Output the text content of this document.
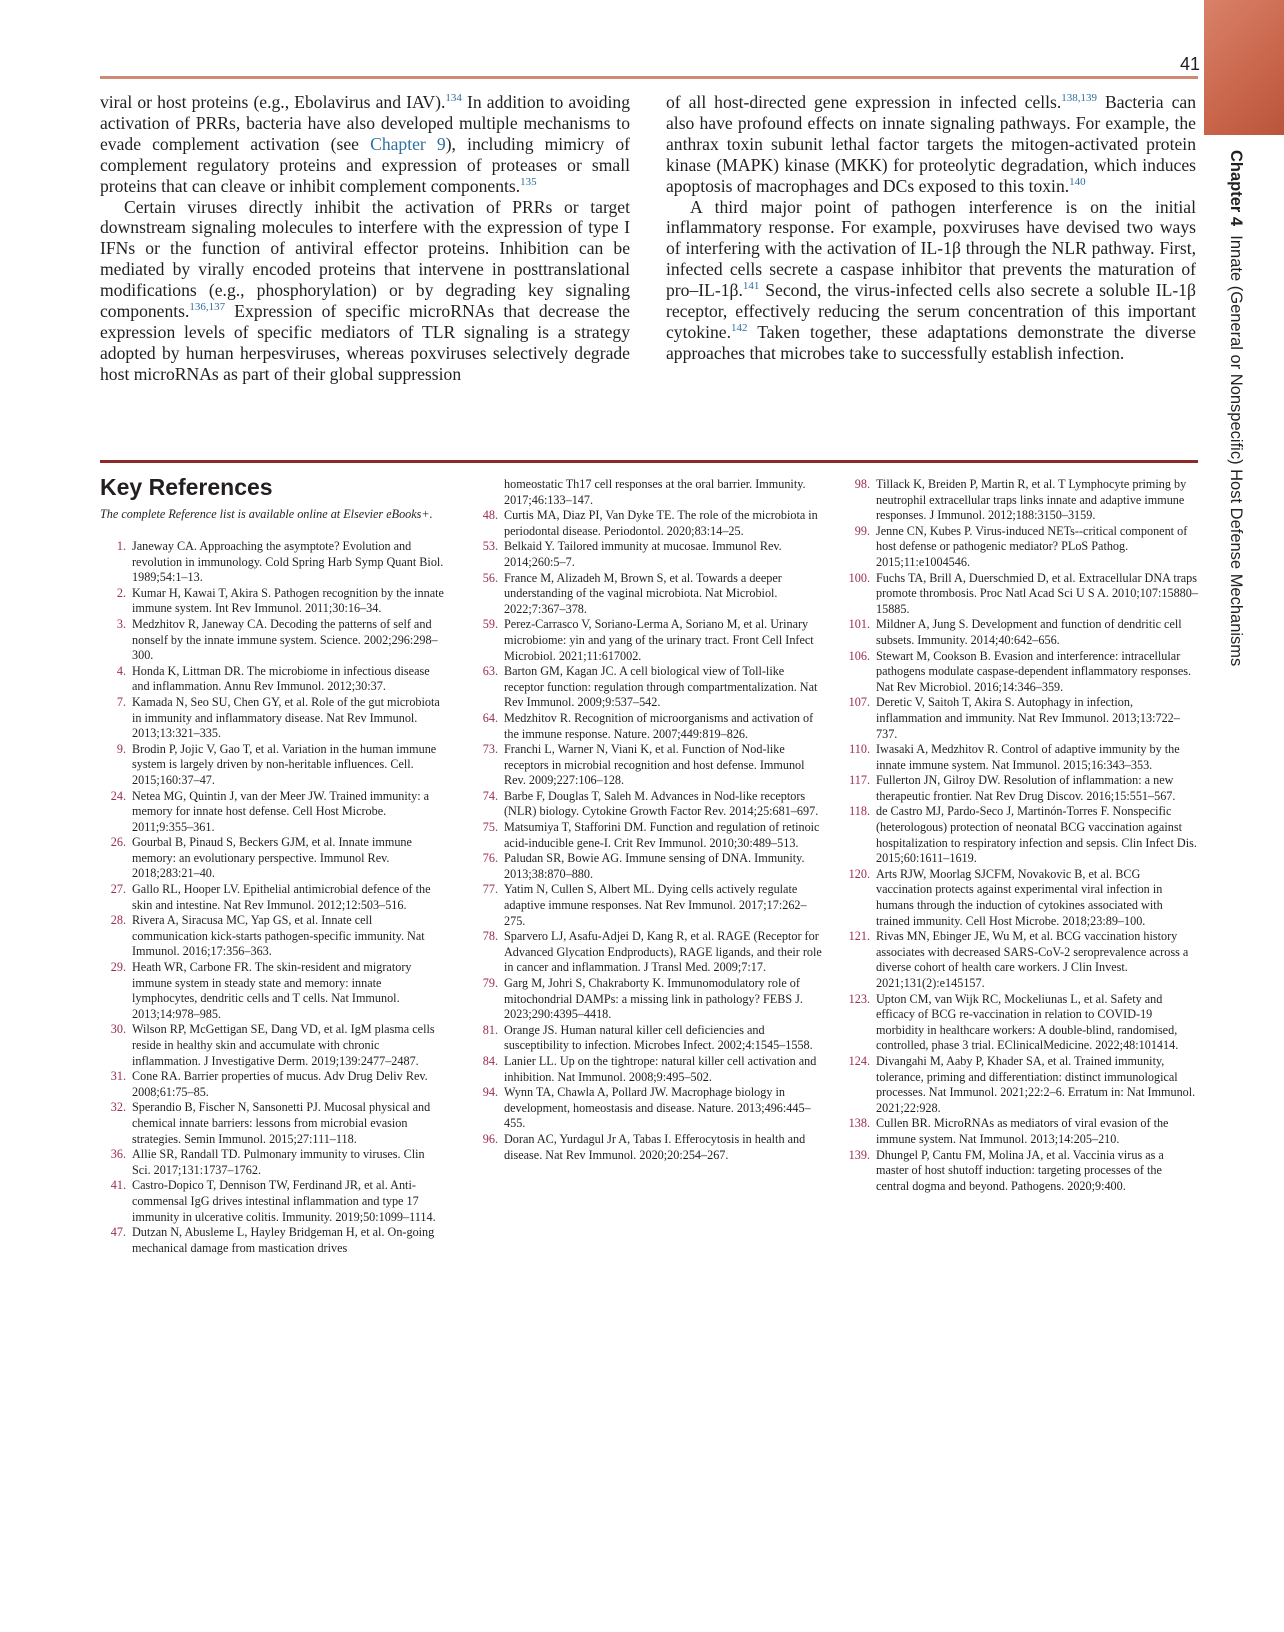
41
Chapter 4  Innate (General or Nonspecific) Host Defense Mechanisms

viral or host proteins (e.g., Ebolavirus and IAV).$^{134}$ In addition to avoiding activation of PRRs, bacteria have also developed multiple mechanisms to evade complement activation (see Chapter 9), including mimicry of complement regulatory proteins and expression of proteases or small proteins that can cleave or inhibit complement components.$^{135}$

Certain viruses directly inhibit the activation of PRRs or target downstream signaling molecules to interfere with the expression of type I IFNs or the function of antiviral effector proteins. Inhibition can be mediated by virally encoded proteins that intervene in posttranslational modifications (e.g., phosphorylation) or by degrading key signaling components.$^{136,137}$ Expression of specific microRNAs that decrease the expression levels of specific mediators of TLR signaling is a strategy adopted by human herpesviruses, whereas poxviruses selectively degrade host microRNAs as part of their global suppression

of all host-directed gene expression in infected cells.$^{138,139}$ Bacteria can also have profound effects on innate signaling pathways. For example, the anthrax toxin subunit lethal factor targets the mitogen-activated protein kinase (MAPK) kinase (MKK) for proteolytic degradation, which induces apoptosis of macrophages and DCs exposed to this toxin.$^{140}$

A third major point of pathogen interference is on the initial inflammatory response. For example, poxviruses have devised two ways of interfering with the activation of IL-1β through the NLR pathway. First, infected cells secrete a caspase inhibitor that prevents the maturation of pro–IL-1β.$^{141}$ Second, the virus-infected cells also secrete a soluble IL-1β receptor, effectively reducing the serum concentration of this important cytokine.$^{142}$ Taken together, these adaptations demonstrate the diverse approaches that microbes take to successfully establish infection.

Key References

The complete Reference list is available online at Elsevier eBooks+.

1. Janeway CA. Approaching the asymptote? Evolution and revolution in immunology. Cold Spring Harb Symp Quant Biol. 1989;54:1–13.
2. Kumar H, Kawai T, Akira S. Pathogen recognition by the innate immune system. Int Rev Immunol. 2011;30:16–34.
3. Medzhitov R, Janeway CA. Decoding the patterns of self and nonself by the innate immune system. Science. 2002;296:298–300.
4. Honda K, Littman DR. The microbiome in infectious disease and inflammation. Annu Rev Immunol. 2012;30:37.
7. Kamada N, Seo SU, Chen GY, et al. Role of the gut microbiota in immunity and inflammatory disease. Nat Rev Immunol. 2013;13:321–335.
9. Brodin P, Jojic V, Gao T, et al. Variation in the human immune system is largely driven by non-heritable influences. Cell. 2015;160:37–47.
24. Netea MG, Quintin J, van der Meer JW. Trained immunity: a memory for innate host defense. Cell Host Microbe. 2011;9:355–361.
26. Gourbal B, Pinaud S, Beckers GJM, et al. Innate immune memory: an evolutionary perspective. Immunol Rev. 2018;283:21–40.
27. Gallo RL, Hooper LV. Epithelial antimicrobial defence of the skin and intestine. Nat Rev Immunol. 2012;12:503–516.
28. Rivera A, Siracusa MC, Yap GS, et al. Innate cell communication kick-starts pathogen-specific immunity. Nat Immunol. 2016;17:356–363.
29. Heath WR, Carbone FR. The skin-resident and migratory immune system in steady state and memory: innate lymphocytes, dendritic cells and T cells. Nat Immunol. 2013;14:978–985.
30. Wilson RP, McGettigan SE, Dang VD, et al. IgM plasma cells reside in healthy skin and accumulate with chronic inflammation. J Investigative Derm. 2019;139:2477–2487.
31. Cone RA. Barrier properties of mucus. Adv Drug Deliv Rev. 2008;61:75–85.
32. Sperandio B, Fischer N, Sansonetti PJ. Mucosal physical and chemical innate barriers: lessons from microbial evasion strategies. Semin Immunol. 2015;27:111–118.
36. Allie SR, Randall TD. Pulmonary immunity to viruses. Clin Sci. 2017;131:1737–1762.
41. Castro-Dopico T, Dennison TW, Ferdinand JR, et al. Anti-commensal IgG drives intestinal inflammation and type 17 immunity in ulcerative colitis. Immunity. 2019;50:1099–1114.
47. Dutzan N, Abusleme L, Hayley Bridgeman H, et al. On-going mechanical damage from mastication drives
homeostatic Th17 cell responses at the oral barrier. Immunity. 2017;46:133–147.
48. Curtis MA, Diaz PI, Van Dyke TE. The role of the microbiota in periodontal disease. Periodontol. 2020;83:14–25.
53. Belkaid Y. Tailored immunity at mucosae. Immunol Rev. 2014;260:5–7.
56. France M, Alizadeh M, Brown S, et al. Towards a deeper understanding of the vaginal microbiota. Nat Microbiol. 2022;7:367–378.
59. Perez-Carrasco V, Soriano-Lerma A, Soriano M, et al. Urinary microbiome: yin and yang of the urinary tract. Front Cell Infect Microbiol. 2021;11:617002.
63. Barton GM, Kagan JC. A cell biological view of Toll-like receptor function: regulation through compartmentalization. Nat Rev Immunol. 2009;9:537–542.
64. Medzhitov R. Recognition of microorganisms and activation of the immune response. Nature. 2007;449:819–826.
73. Franchi L, Warner N, Viani K, et al. Function of Nod-like receptors in microbial recognition and host defense. Immunol Rev. 2009;227:106–128.
74. Barbe F, Douglas T, Saleh M. Advances in Nod-like receptors (NLR) biology. Cytokine Growth Factor Rev. 2014;25:681–697.
75. Matsumiya T, Stafforini DM. Function and regulation of retinoic acid-inducible gene-I. Crit Rev Immunol. 2010;30:489–513.
76. Paludan SR, Bowie AG. Immune sensing of DNA. Immunity. 2013;38:870–880.
77. Yatim N, Cullen S, Albert ML. Dying cells actively regulate adaptive immune responses. Nat Rev Immunol. 2017;17:262–275.
78. Sparvero LJ, Asafu-Adjei D, Kang R, et al. RAGE (Receptor for Advanced Glycation Endproducts), RAGE ligands, and their role in cancer and inflammation. J Transl Med. 2009;7:17.
79. Garg M, Johri S, Chakraborty K. Immunomodulatory role of mitochondrial DAMPs: a missing link in pathology? FEBS J. 2023;290:4395–4418.
81. Orange JS. Human natural killer cell deficiencies and susceptibility to infection. Microbes Infect. 2002;4:1545–1558.
84. Lanier LL. Up on the tightrope: natural killer cell activation and inhibition. Nat Immunol. 2008;9:495–502.
94. Wynn TA, Chawla A, Pollard JW. Macrophage biology in development, homeostasis and disease. Nature. 2013;496:445–455.
96. Doran AC, Yurdagul Jr A, Tabas I. Efferocytosis in health and disease. Nat Rev Immunol. 2020;20:254–267.
98. Tillack K, Breiden P, Martin R, et al. T Lymphocyte priming by neutrophil extracellular traps links innate and adaptive immune responses. J Immunol. 2012;188:3150–3159.
99. Jenne CN, Kubes P. Virus-induced NETs--critical component of host defense or pathogenic mediator? PLoS Pathog. 2015;11:e1004546.
100. Fuchs TA, Brill A, Duerschmied D, et al. Extracellular DNA traps promote thrombosis. Proc Natl Acad Sci U S A. 2010;107:15880–15885.
101. Mildner A, Jung S. Development and function of dendritic cell subsets. Immunity. 2014;40:642–656.
106. Stewart M, Cookson B. Evasion and interference: intracellular pathogens modulate caspase-dependent inflammatory responses. Nat Rev Microbiol. 2016;14:346–359.
107. Deretic V, Saitoh T, Akira S. Autophagy in infection, inflammation and immunity. Nat Rev Immunol. 2013;13:722–737.
110. Iwasaki A, Medzhitov R. Control of adaptive immunity by the innate immune system. Nat Immunol. 2015;16:343–353.
117. Fullerton JN, Gilroy DW. Resolution of inflammation: a new therapeutic frontier. Nat Rev Drug Discov. 2016;15:551–567.
118. de Castro MJ, Pardo-Seco J, Martinón-Torres F. Nonspecific (heterologous) protection of neonatal BCG vaccination against hospitalization to respiratory infection and sepsis. Clin Infect Dis. 2015;60:1611–1619.
120. Arts RJW, Moorlag SJCFM, Novakovic B, et al. BCG vaccination protects against experimental viral infection in humans through the induction of cytokines associated with trained immunity. Cell Host Microbe. 2018;23:89–100.
121. Rivas MN, Ebinger JE, Wu M, et al. BCG vaccination history associates with decreased SARS-CoV-2 seroprevalence across a diverse cohort of health care workers. J Clin Invest. 2021;131(2):e145157.
123. Upton CM, van Wijk RC, Mockeliunas L, et al. Safety and efficacy of BCG re-vaccination in relation to COVID-19 morbidity in healthcare workers: A double-blind, randomised, controlled, phase 3 trial. EClinicalMedicine. 2022;48:101414.
124. Divangahi M, Aaby P, Khader SA, et al. Trained immunity, tolerance, priming and differentiation: distinct immunological processes. Nat Immunol. 2021;22:2–6. Erratum in: Nat Immunol. 2021;22:928.
138. Cullen BR. MicroRNAs as mediators of viral evasion of the immune system. Nat Immunol. 2013;14:205–210.
139. Dhungel P, Cantu FM, Molina JA, et al. Vaccinia virus as a master of host shutoff induction: targeting processes of the central dogma and beyond. Pathogens. 2020;9:400.
